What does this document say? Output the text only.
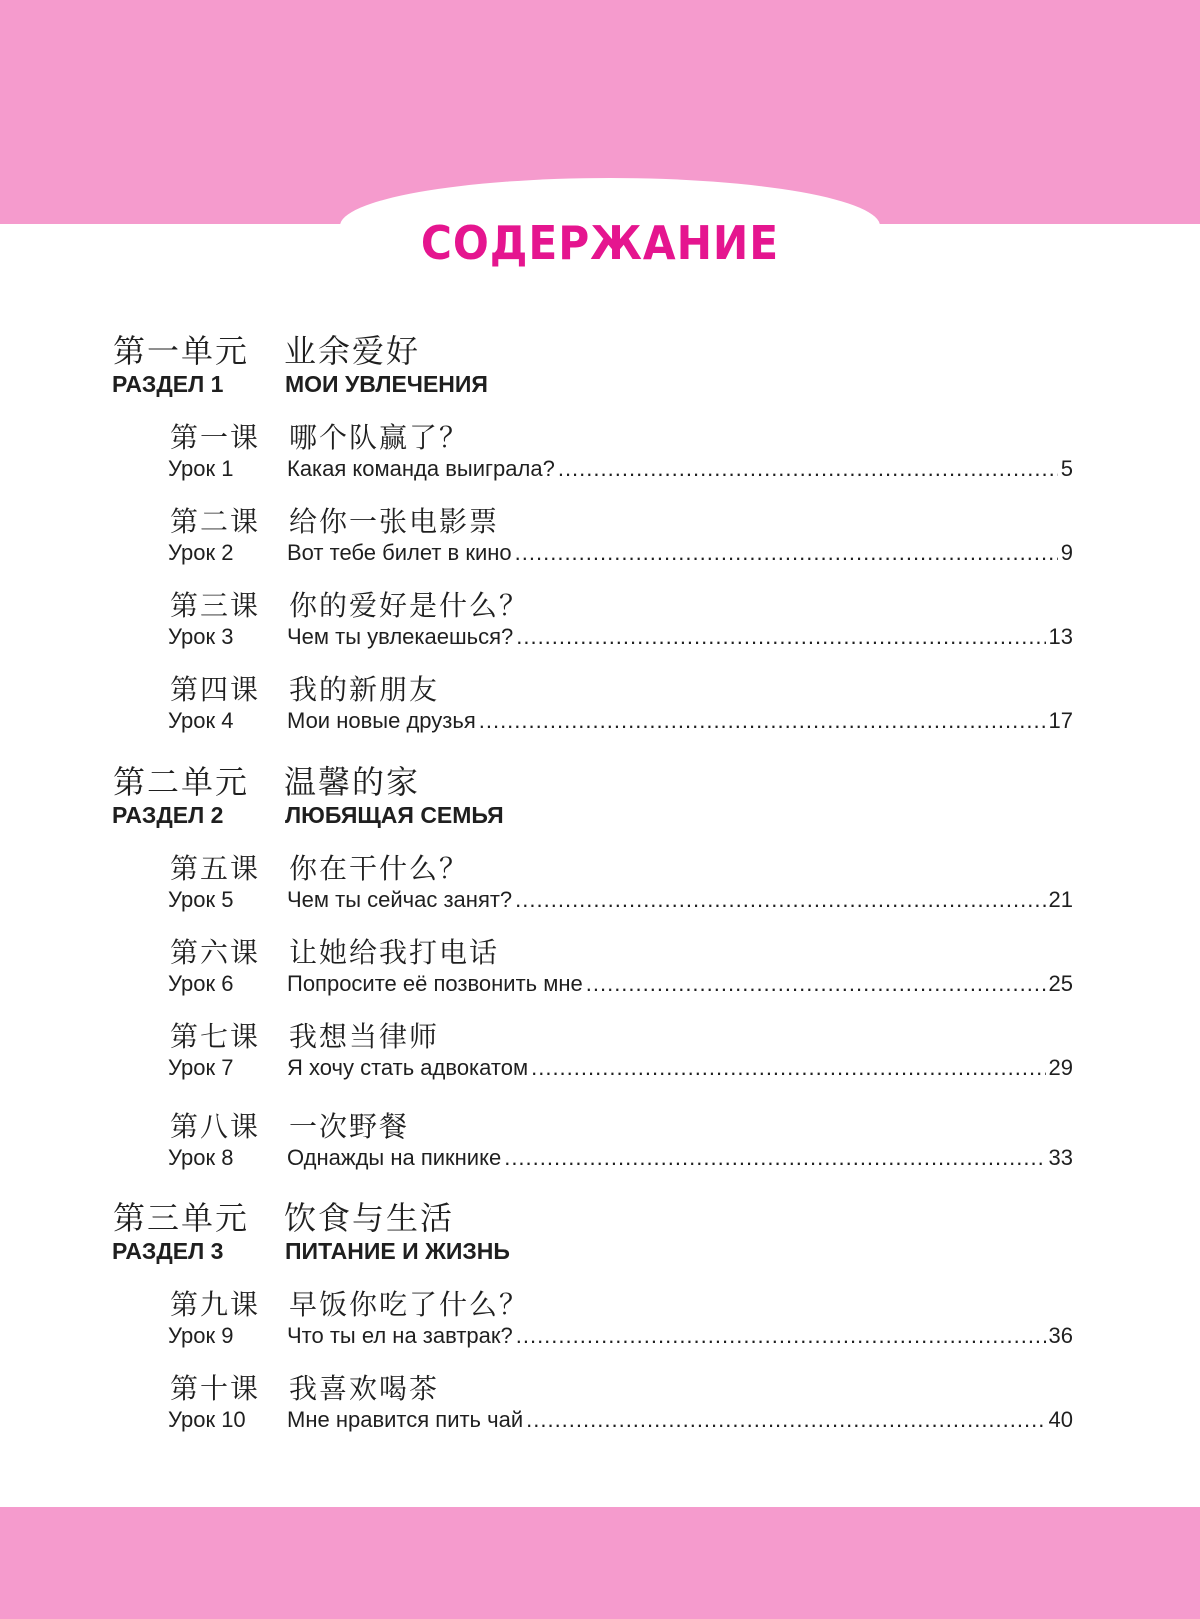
СОДЕРЖАНИЕ
第一单元 业余爱好
РАЗДЕЛ 1	МОИ УВЛЕЧЕНИЯ
第一课 哪个队赢了？
Урок 1 Какая команда выиграла? .....	5
第二课 给你一张电影票
Урок 2 Вот тебе билет в кино .....	9
第三课 你的爱好是什么？
Урок 3 Чем ты увлекаешься? .....	13
第四课 我的新朋友
Урок 4 Мои новые друзья .....	17
第二单元 温馨的家
РАЗДЕЛ 2	ЛЮБЯЩАЯ СЕМЬЯ
第五课 你在干什么？
Урок 5 Чем ты сейчас занят? .....	21
第六课 让她给我打电话
Урок 6 Попросите её позвонить мне .....	25
第七课 我想当律师
Урок 7 Я хочу стать адвокатом .....	29
第八课 一次野餐
Урок 8 Однажды на пикнике .....	33
第三单元 饮食与生活
РАЗДЕЛ 3	ПИТАНИЕ И ЖИЗНЬ
第九课 早饭你吃了什么？
Урок 9 Что ты ел на завтрак? .....	36
第十课 我喜欢喝茶
Урок 10 Мне нравится пить чай .....	40
